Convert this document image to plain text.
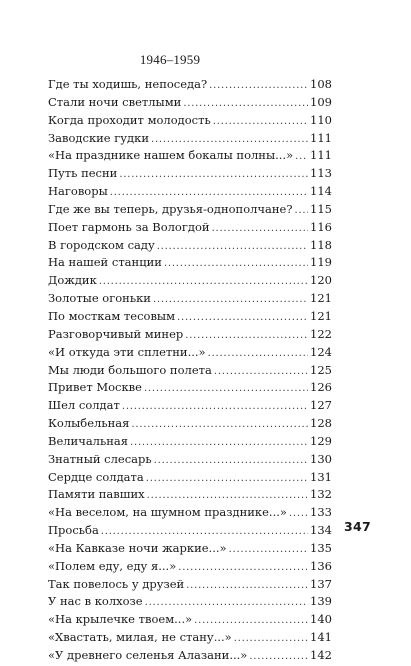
1946–1959
Где ты ходишь, непоседа? . . .	108
Стали ночи светлыми . . .	109
Когда проходит молодость . . .	110
Заводские гудки . . .	111
«На празднике нашем бокалы полны...» . . . 111
Путь песни . . .	113
Наговоры . . .	114
Где же вы теперь, друзья-однополчане? . . . 115
Поет гармонь за Вологдой . . .	116
В городском саду . . .	118
На нашей станции . . .	119
Дождик . . .	120
Золотые огоньки . . .	121
По мосткам тесовым . . .	121
Разговорчивый минер . . .	122
«И откуда эти сплетни...» . . .	124
Мы люди большого полета . . .	125
Привет Москве . . .	126
Шел солдат . . .	127
Колыбельная . . .	128
Величальная . . .	129
Знатный слесарь . . .	130
Сердце солдата . . .	131
Памяти павших . . .	132
«На веселом, на шумном празднике...» . . . 133
Просьба . . .	134
«На Кавказе ночи жаркие...» . . .	135
«Полем еду, еду я...» . . .	136
Так повелось у друзей . . .	137
У нас в колхозе . . .	139
«На крылечке твоем...» . . .	140
«Хвастать, милая, не стану...» . . .	141
«У древнего селенья Алазани...» . . .	142
347
